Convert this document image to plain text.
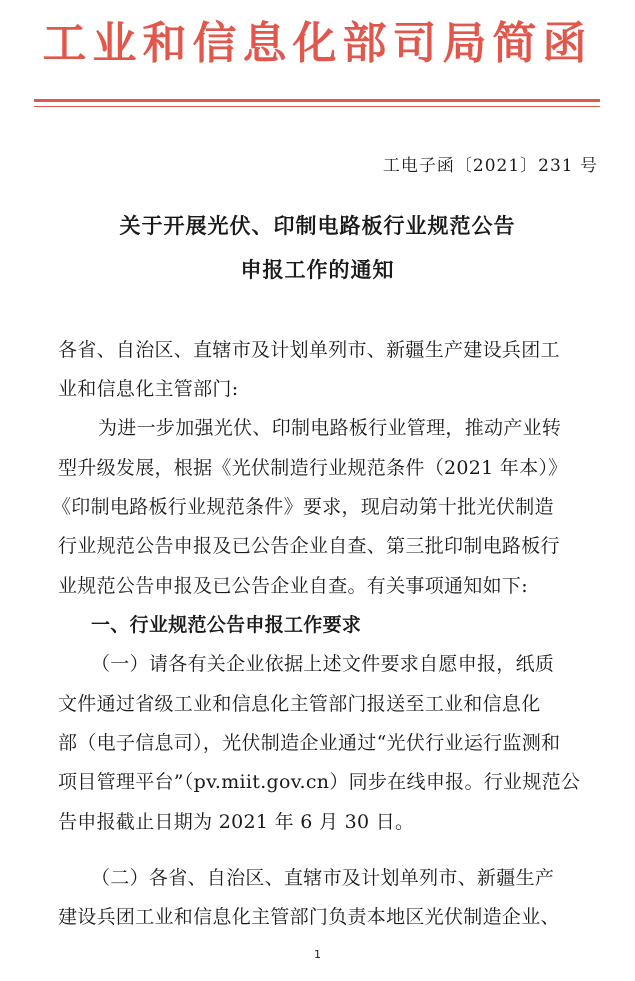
工业和信息化部司局简函
工电子函〔2021〕231 号
关于开展光伏、印制电路板行业规范公告
申报工作的通知
各省、自治区、直辖市及计划单列市、新疆生产建设兵团工
业和信息化主管部门:
为进一步加强光伏、印制电路板行业管理，推动产业转
型升级发展，根据《光伏制造行业规范条件（2021 年本）》
《印制电路板行业规范条件》要求，现启动第十批光伏制造
行业规范公告申报及已公告企业自查、第三批印制电路板行
业规范公告申报及已公告企业自查。有关事项通知如下:
一、行业规范公告申报工作要求
（一）请各有关企业依据上述文件要求自愿申报，纸质
文件通过省级工业和信息化主管部门报送至工业和信息化
部（电子信息司），光伏制造企业通过“光伏行业运行监测和
项目管理平台”（pv.miit.gov.cn）同步在线申报。行业规范公
告申报截止日期为 2021 年 6 月 30 日。
（二）各省、自治区、直辖市及计划单列市、新疆生产
建设兵团工业和信息化主管部门负责本地区光伏制造企业、
1
